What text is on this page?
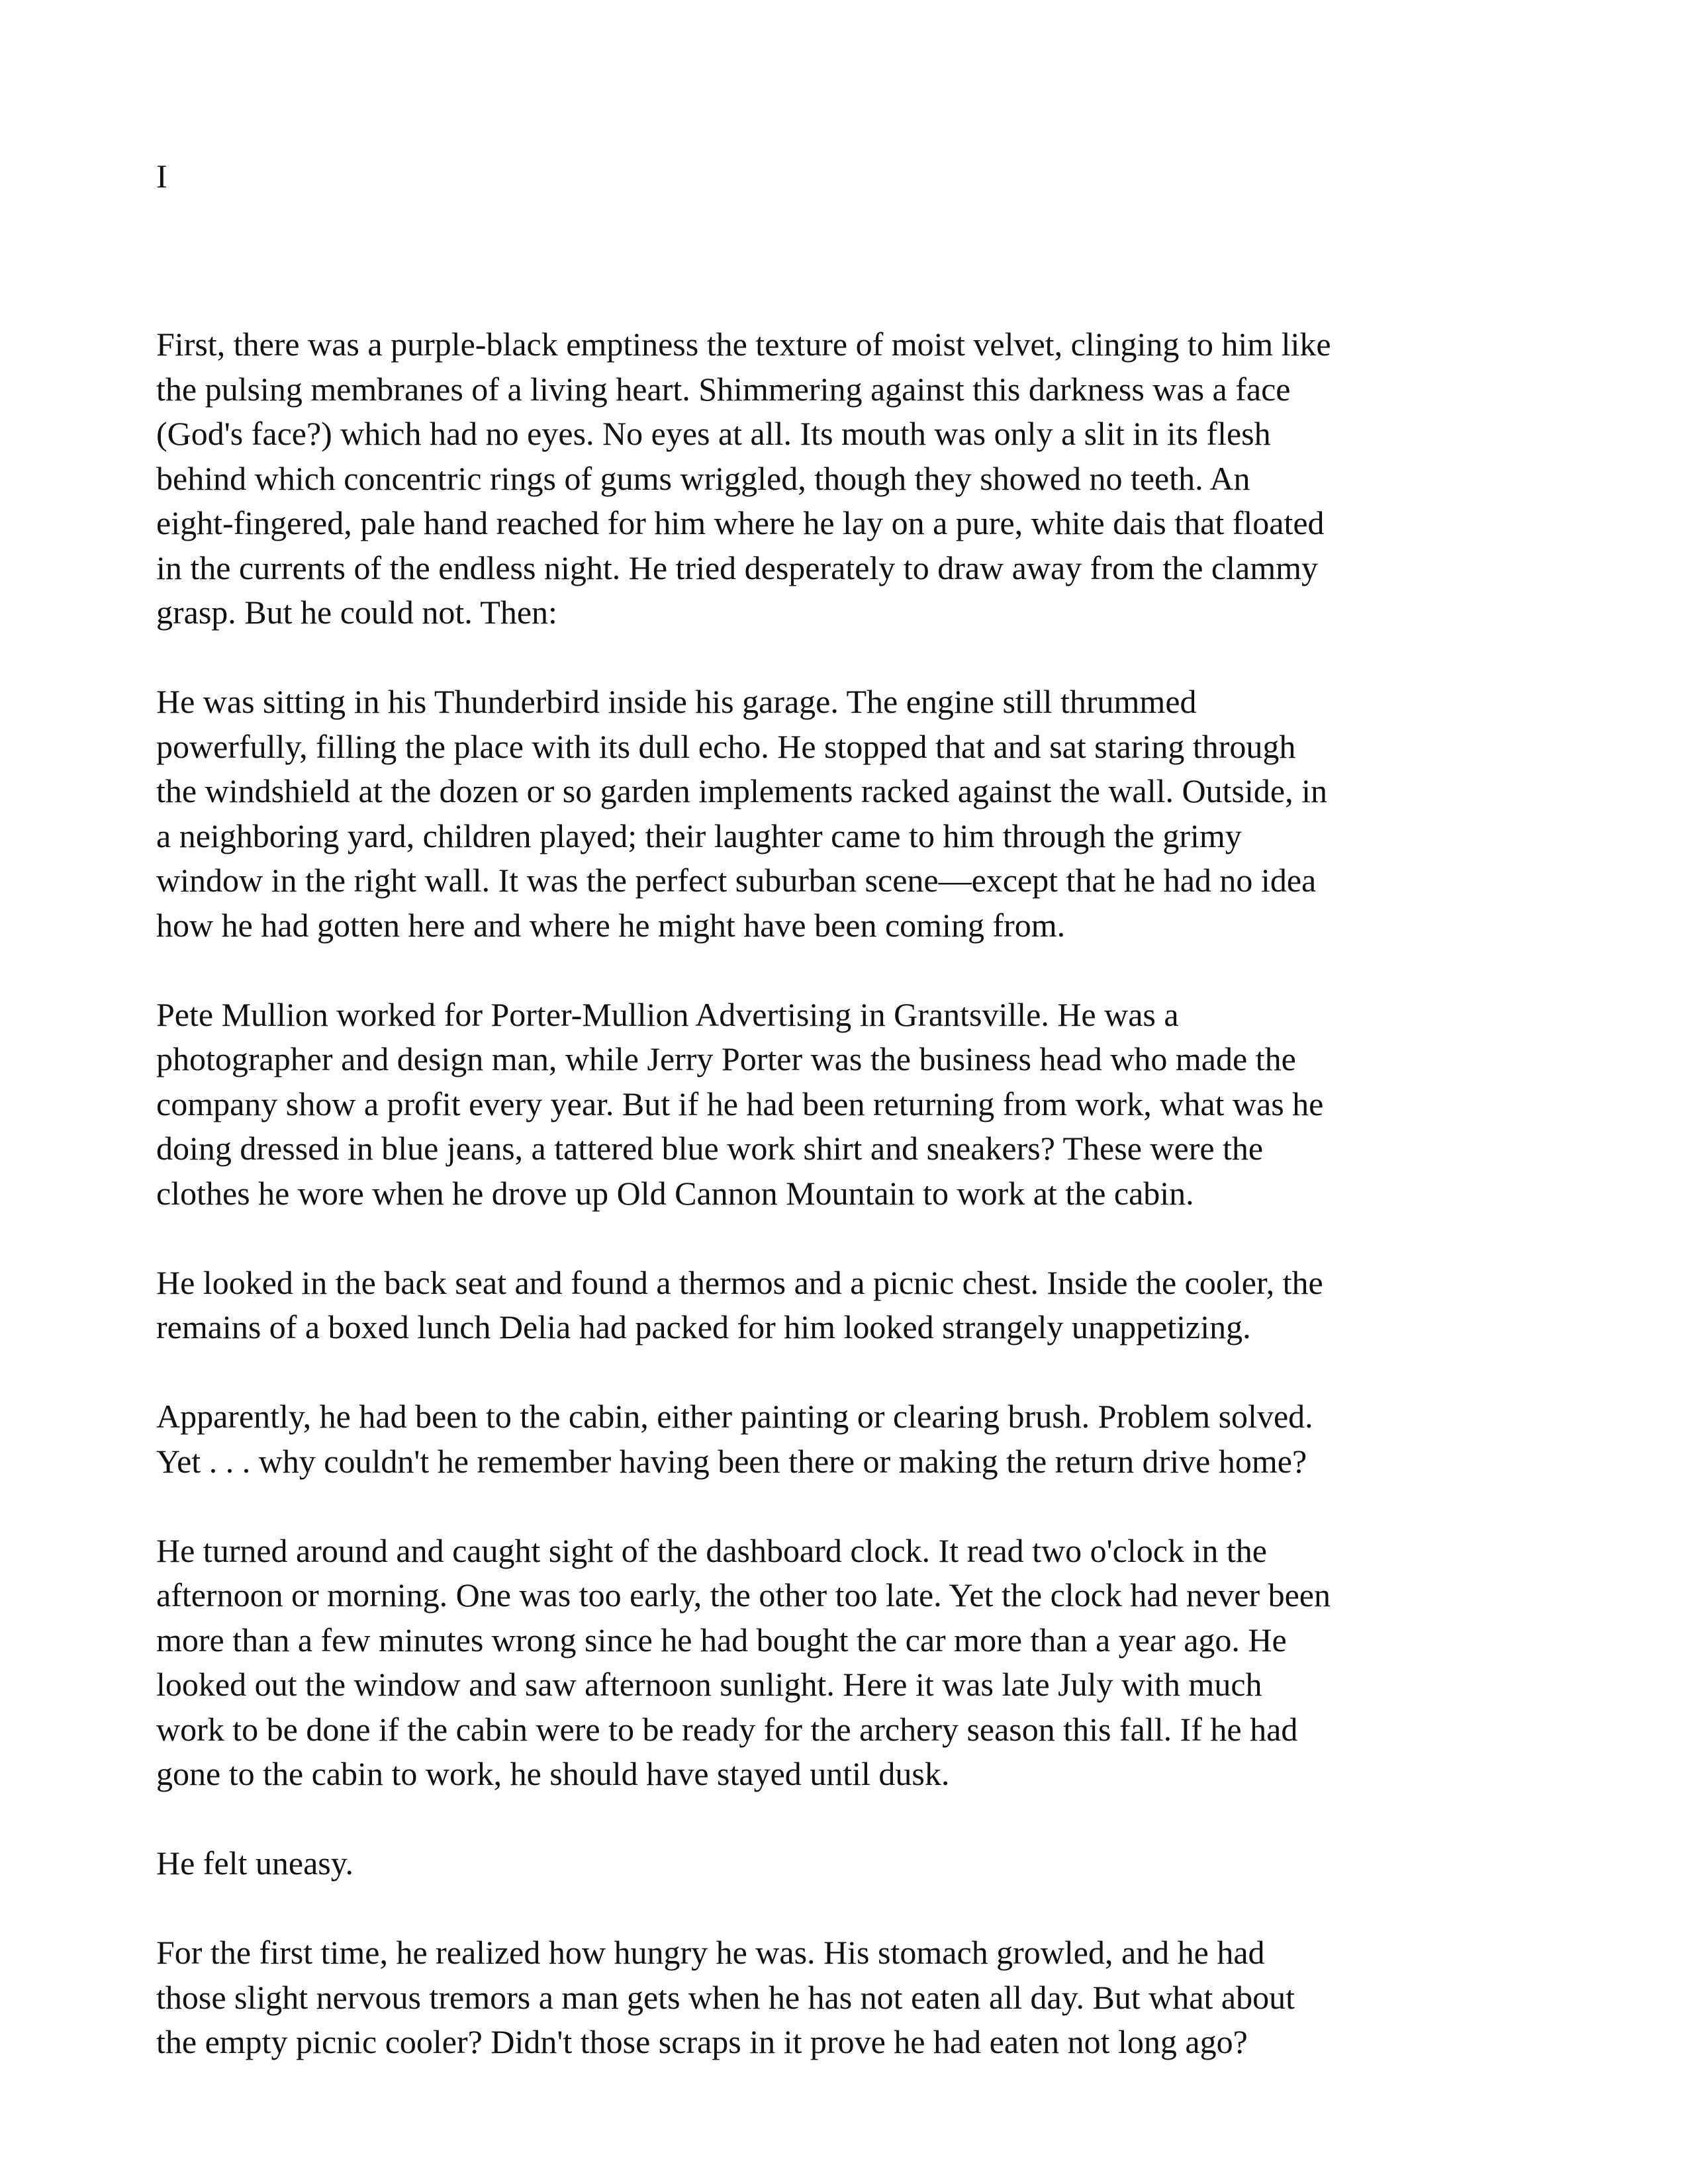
I

First, there was a purple-black emptiness the texture of moist velvet, clinging to him like
the pulsing membranes of a living heart. Shimmering against this darkness was a face
(God's face?) which had no eyes. No eyes at all. Its mouth was only a slit in its flesh
behind which concentric rings of gums wriggled, though they showed no teeth. An
eight-fingered, pale hand reached for him where he lay on a pure, white dais that floated
in the currents of the endless night. He tried desperately to draw away from the clammy
grasp. But he could not. Then:

He was sitting in his Thunderbird inside his garage. The engine still thrummed
powerfully, filling the place with its dull echo. He stopped that and sat staring through
the windshield at the dozen or so garden implements racked against the wall. Outside, in
a neighboring yard, children played; their laughter came to him through the grimy
window in the right wall. It was the perfect suburban scene—except that he had no idea
how he had gotten here and where he might have been coming from.

Pete Mullion worked for Porter-Mullion Advertising in Grantsville. He was a
photographer and design man, while Jerry Porter was the business head who made the
company show a profit every year. But if he had been returning from work, what was he
doing dressed in blue jeans, a tattered blue work shirt and sneakers? These were the
clothes he wore when he drove up Old Cannon Mountain to work at the cabin.

He looked in the back seat and found a thermos and a picnic chest. Inside the cooler, the
remains of a boxed lunch Delia had packed for him looked strangely unappetizing.

Apparently, he had been to the cabin, either painting or clearing brush. Problem solved.
Yet . . . why couldn't he remember having been there or making the return drive home?

He turned around and caught sight of the dashboard clock. It read two o'clock in the
afternoon or morning. One was too early, the other too late. Yet the clock had never been
more than a few minutes wrong since he had bought the car more than a year ago. He
looked out the window and saw afternoon sunlight. Here it was late July with much
work to be done if the cabin were to be ready for the archery season this fall. If he had
gone to the cabin to work, he should have stayed until dusk.

He felt uneasy.

For the first time, he realized how hungry he was. His stomach growled, and he had
those slight nervous tremors a man gets when he has not eaten all day. But what about
the empty picnic cooler? Didn't those scraps in it prove he had eaten not long ago?
